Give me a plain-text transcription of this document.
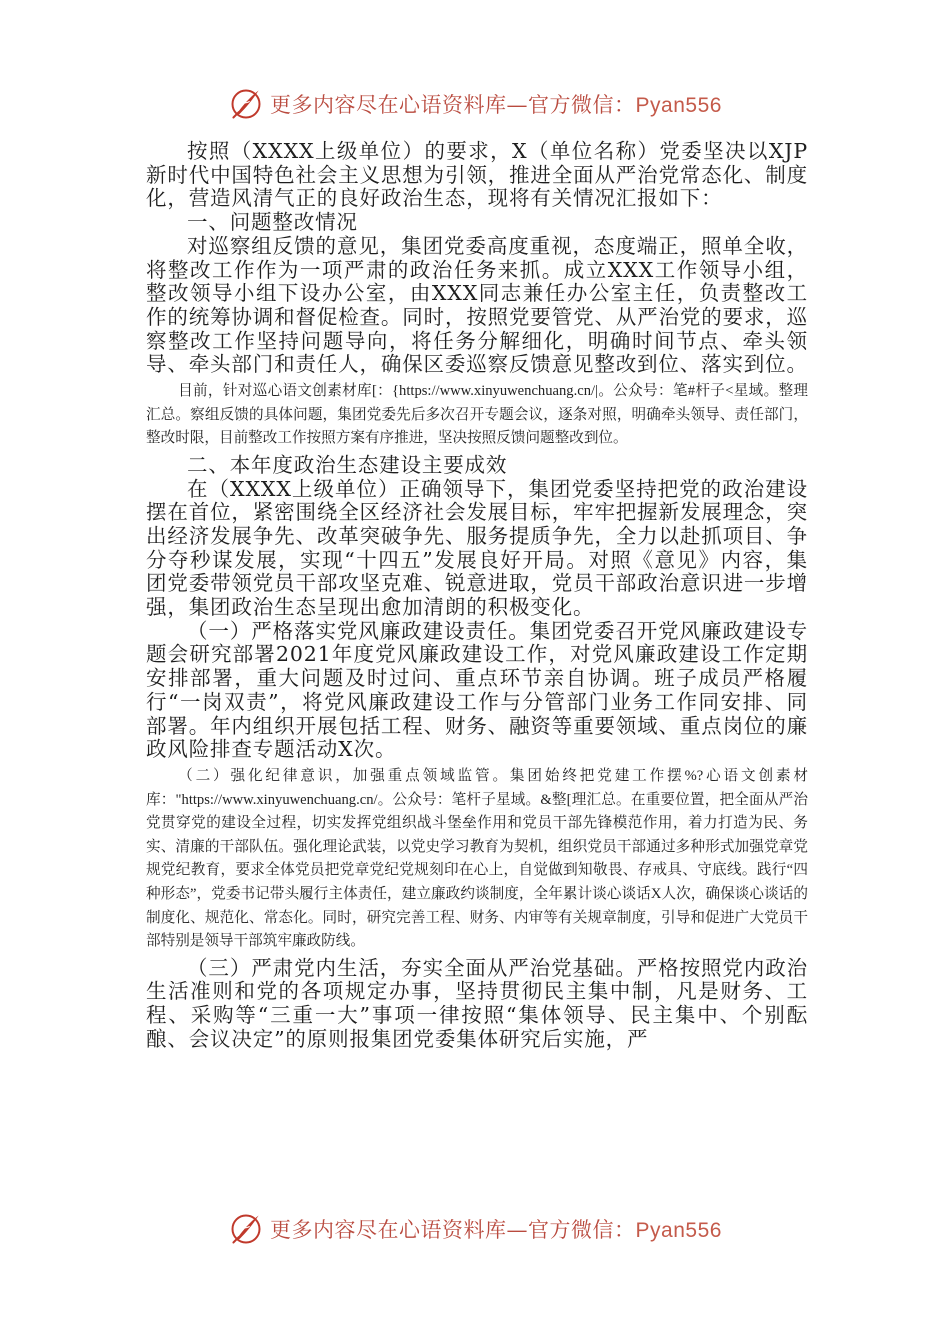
更多内容尽在心语资料库—官方微信：Pyan556

按照（XXXX上级单位）的要求，X（单位名称）党委坚决以XJP新时代中国特色社会主义思想为引领，推进全面从严治党常态化、制度化，营造风清气正的良好政治生态，现将有关情况汇报如下：

一、问题整改情况

对巡察组反馈的意见，集团党委高度重视，态度端正，照单全收，将整改工作作为一项严肃的政治任务来抓。成立XXX工作领导小组，整改领导小组下设办公室，由XXX同志兼任办公室主任，负责整改工作的统筹协调和督促检查。同时，按照党要管党、从严治党的要求，巡察整改工作坚持问题导向，将任务分解细化，明确时间节点、牵头领导、牵头部门和责任人，确保区委巡察反馈意见整改到位、落实到位。

目前，针对巡心语文创素材库[：{https://www.xinyuwenchuang.cn/|。公众号：笔#杆子<星域。整理汇总。察组反馈的具体问题，集团党委先后多次召开专题会议，逐条对照，明确牵头领导、责任部门，整改时限，目前整改工作按照方案有序推进，坚决按照反馈问题整改到位。

二、本年度政治生态建设主要成效

在（XXXX上级单位）正确领导下，集团党委坚持把党的政治建设摆在首位，紧密围绕全区经济社会发展目标，牢牢把握新发展理念，突出经济发展争先、改革突破争先、服务提质争先，全力以赴抓项目、争分夺秒谋发展，实现“十四五”发展良好开局。对照《意见》内容，集团党委带领党员干部攻坚克难、锐意进取，党员干部政治意识进一步增强，集团政治生态呈现出愈加清朗的积极变化。

（一）严格落实党风廉政建设责任。集团党委召开党风廉政建设专题会研究部署2021年度党风廉政建设工作，对党风廉政建设工作定期安排部署，重大问题及时过问、重点环节亲自协调。班子成员严格履行“一岗双责”，将党风廉政建设工作与分管部门业务工作同安排、同部署。年内组织开展包括工程、财务、融资等重要领域、重点岗位的廉政风险排查专题活动X次。

（二）强化纪律意识，加强重点领域监管。集团始终把党建工作摆%?心语文创素材库："https://www.xinyuwenchuang.cn/。公众号：笔杆子星域。&整[理汇总。在重要位置，把全面从严治党贯穿党的建设全过程，切实发挥党组织战斗堡垒作用和党员干部先锋模范作用，着力打造为民、务实、清廉的干部队伍。强化理论武装，以党史学习教育为契机，组织党员干部通过多种形式加强党章党规党纪教育，要求全体党员把党章党纪党规刻印在心上，自觉做到知敬畏、存戒具、守底线。践行“四种形态”，党委书记带头履行主体责任，建立廉政约谈制度，全年累计谈心谈话X人次，确保谈心谈话的制度化、规范化、常态化。同时，研究完善工程、财务、内审等有关规章制度，引导和促进广大党员干部特别是领导干部筑牢廉政防线。

（三）严肃党内生活，夯实全面从严治党基础。严格按照党内政治生活准则和党的各项规定办事，坚持贯彻民主集中制，凡是财务、工程、采购等“三重一大”事项一律按照“集体领导、民主集中、个别酝酿、会议决定”的原则报集团党委集体研究后实施，严

更多内容尽在心语资料库—官方微信：Pyan556
